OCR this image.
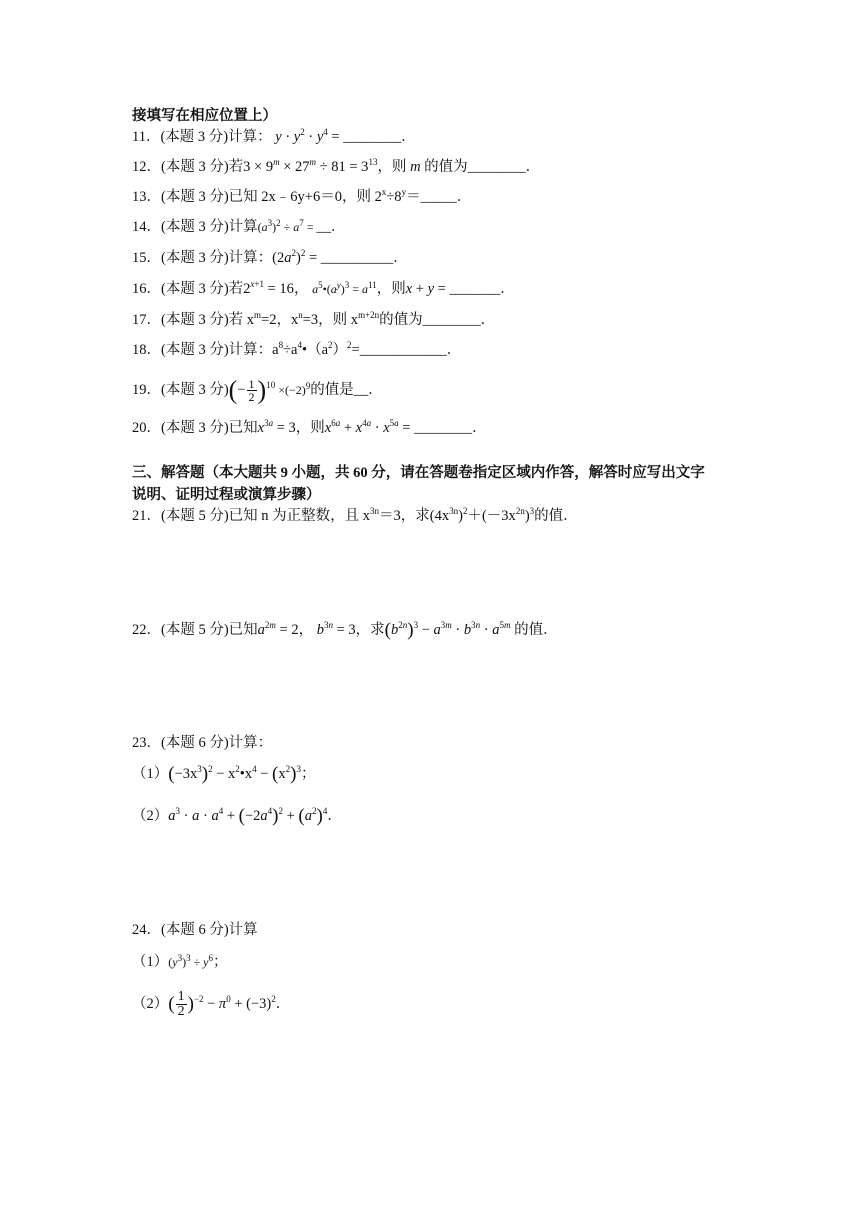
接填写在相应位置上）
11．(本题 3 分)计算： $y \cdot y^2 \cdot y^4$ = ________．
12．(本题 3 分)若$3 \times 9^m \times 27^m \div 81 = 3^{13}$，则 m 的值为________．
13．(本题 3 分)已知 2x﹣6y+6＝0，则 $2^x\div 8^y=\_\_\_\_\_$．
14．(本题 3 分)计算$(a^3)^2 \div a^7$ = __．
15．(本题 3 分)计算：$(2a^2)^2$ = __________．
16．(本题 3 分)若$2^{x+1} = 16$， $a^5•(a^y)^3 = a^{11}$，则x + y = _______．
17．(本题 3 分)若 $x^m=2$，$x^n=3$，则 $x^{m+2n}$的值为________．
18．(本题 3 分)计算：$a^8\div a^4•(a^2)^2=\_\_\_\_\_\_\_\_\_\_\_\_$．
19．(本题 3 分)(− $\frac{1}{2} )^{10} \times(-2)^9$的值是__．
20．(本题 3 分)已知$x^{3a} = 3$，则$x^{6a} + x^{4a} \cdot x^{5a}$ = ________．
三、解答题（本大题共 9 小题，共 60 分，请在答题卷指定区域内作答，解答时应写出文字
说明、证明过程或演算步骤）
21．(本题 5 分)已知 n 为正整数，且 $x^{3n}=3$，求$(4x^{3n})^2+(-3x^{2n})^3$的值．
22．(本题 5 分)已知$a^{2m} = 2$， $b^{3n} = 3$，求$(b^{2n})^3 - a^{3m} \cdot b^{3n} \cdot a^{5m}$ 的值．
23．(本题 6 分)计算：
$(1)(-3x^3)^2$ − $x^2•x^4 - (x^2)^3$；
$(2)a^3 \cdot a \cdot a^4 + (-2a^4)^2 + (a^2)^4$．
24．(本题 6 分)计算
$(1)(y^3)^3 \div y^6$；
$(2)( \frac{1}{2} )^{-2} - \pi^0 + (-3)^2$．
